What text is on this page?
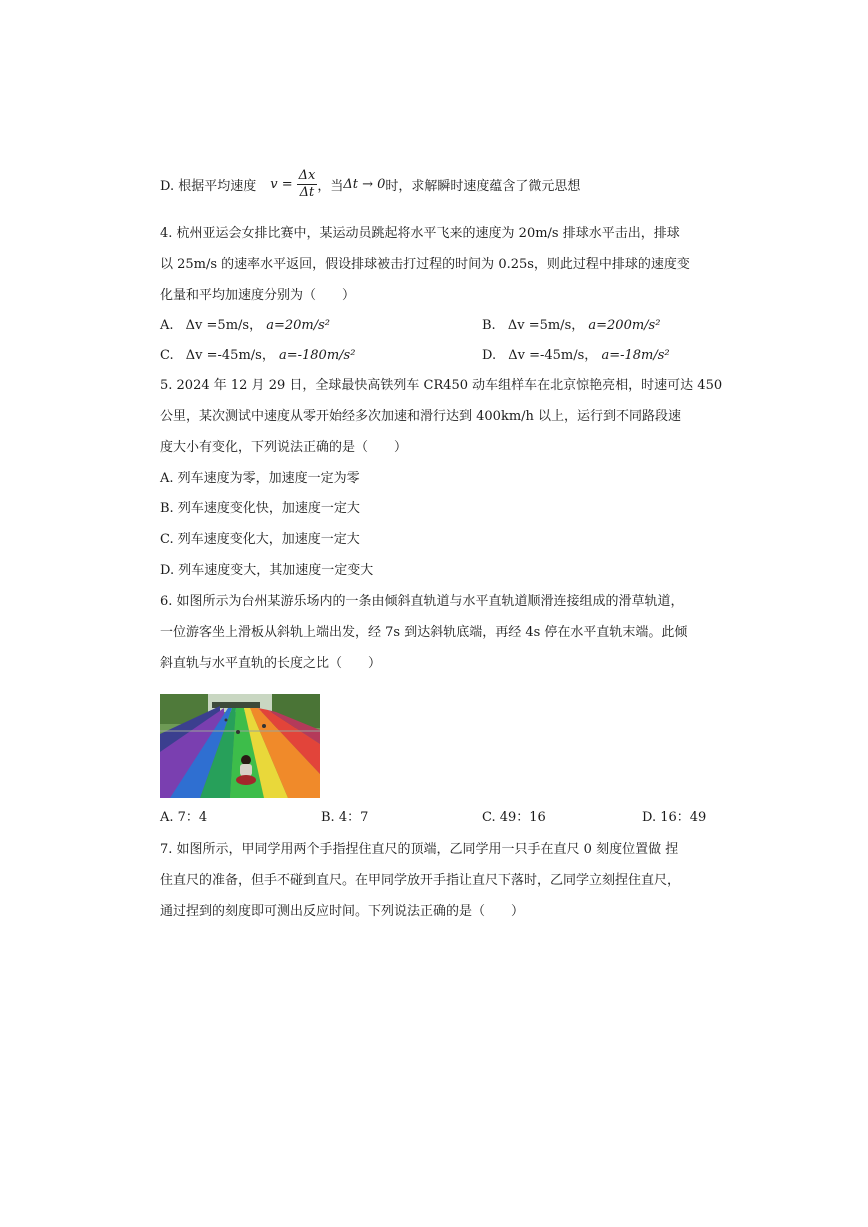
D. 根据平均速度 $v = \frac{\Delta x}{\Delta t}$ ，当 Δt → 0 时，求解瞬时速度蕴含了微元思想
4. 杭州亚运会女排比赛中，某运动员跳起将水平飞来的速度为 20m/s 排球水平击出，排球
以 25m/s 的速率水平返回，假设排球被击打过程的时间为 0.25s，则此过程中排球的速度变
化量和平均加速度分别为（　　）
A. Δv =5m/s， a=20m/s²	B. Δv =5m/s， a=200m/s²
C. Δv =-45m/s， a=-180m/s²	D. Δv =-45m/s， a=-18m/s²
5. 2024 年 12 月 29 日，全球最快高铁列车 CR450 动车组样车在北京惊艳亮相，时速可达 450
公里，某次测试中速度从零开始经多次加速和滑行达到 400km/h 以上，运行到不同路段速
度大小有变化，下列说法正确的是（　　）
A. 列车速度为零，加速度一定为零
B. 列车速度变化快，加速度一定大
C. 列车速度变化大，加速度一定大
D. 列车速度变大，其加速度一定变大
6. 如图所示为台州某游乐场内的一条由倾斜直轨道与水平直轨道顺滑连接组成的滑草轨道，
一位游客坐上滑板从斜轨上端出发，经 7s 到达斜轨底端，再经 4s 停在水平直轨末端。此倾
斜直轨与水平直轨的长度之比（　　）
A. 7：4	B. 4：7	C. 49：16	D. 16：49
7. 如图所示，甲同学用两个手指捏住直尺的顶端，乙同学用一只手在直尺 0 刻度位置做 捏
住直尺的准备，但手不碰到直尺。在甲同学放开手指让直尺下落时，乙同学立刻捏住直尺，
通过捏到的刻度即可测出反应时间。下列说法正确的是（　　）
